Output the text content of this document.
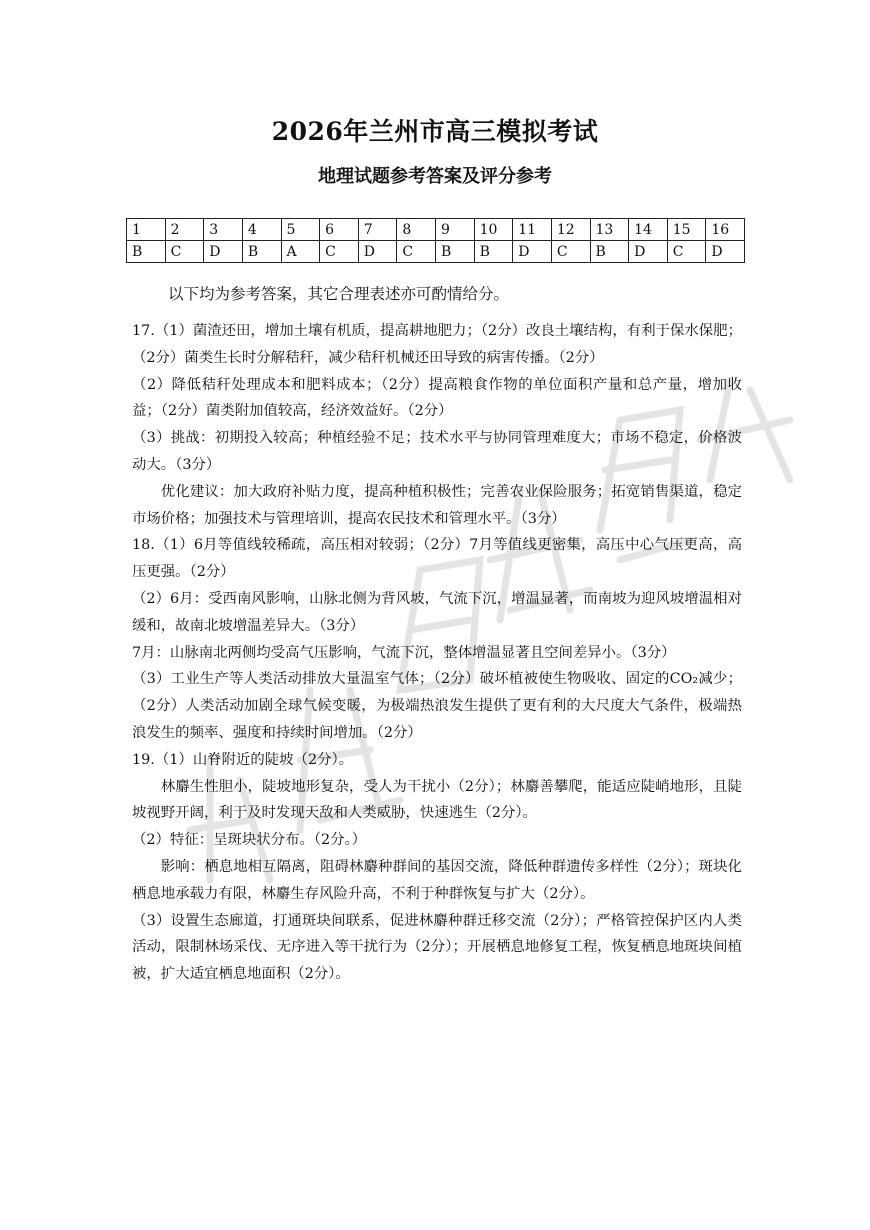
2026年兰州市高三模拟考试
地理试题参考答案及评分参考
1	2	3	4	5	6	7	8	9	10	11	12	13	14	15	16
B	C	D	B	A	C	D	C	B	B	D	C	B	D	C	D
以下均为参考答案，其它合理表述亦可酌情给分。

17.（1）菌渣还田，增加土壤有机质，提高耕地肥力；（2分）改良土壤结构，有利于保水保肥；（2分）菌类生长时分解秸秆，减少秸秆机械还田导致的病害传播。（2分）

（2）降低秸秆处理成本和肥料成本；（2分）提高粮食作物的单位面积产量和总产量，增加收益；（2分）菌类附加值较高，经济效益好。（2分）

（3）挑战：初期投入较高；种植经验不足；技术水平与协同管理难度大；市场不稳定，价格波动大。（3分）

优化建议：加大政府补贴力度，提高种植积极性；完善农业保险服务；拓宽销售渠道，稳定市场价格；加强技术与管理培训，提高农民技术和管理水平。（3分）

18.（1）6月等值线较稀疏，高压相对较弱；（2分）7月等值线更密集，高压中心气压更高，高压更强。（2分）

（2）6月：受西南风影响，山脉北侧为背风坡，气流下沉，增温显著，而南坡为迎风坡增温相对缓和，故南北坡增温差异大。（3分）

7月：山脉南北两侧均受高气压影响，气流下沉，整体增温显著且空间差异小。（3分）

（3）工业生产等人类活动排放大量温室气体；（2分）破坏植被使生物吸收、固定的CO₂减少；（2分）人类活动加剧全球气候变暖，为极端热浪发生提供了更有利的大尺度大气条件，极端热浪发生的频率、强度和持续时间增加。（2分）

19.（1）山脊附近的陡坡（2分）。

林麝生性胆小，陡坡地形复杂，受人为干扰小（2分）；林麝善攀爬，能适应陡峭地形，且陡坡视野开阔，利于及时发现天敌和人类威胁，快速逃生（2分）。

（2）特征：呈斑块状分布。（2分。）

影响：栖息地相互隔离，阻碍林麝种群间的基因交流，降低种群遗传多样性（2分）；斑块化栖息地承载力有限，林麝生存风险升高，不利于种群恢复与扩大（2分）。

（3）设置生态廊道，打通斑块间联系，促进林麝种群迁移交流（2分）；严格管控保护区内人类活动，限制林场采伐、无序进入等干扰行为（2分）；开展栖息地修复工程，恢复栖息地斑块间植被，扩大适宜栖息地面积（2分）。
